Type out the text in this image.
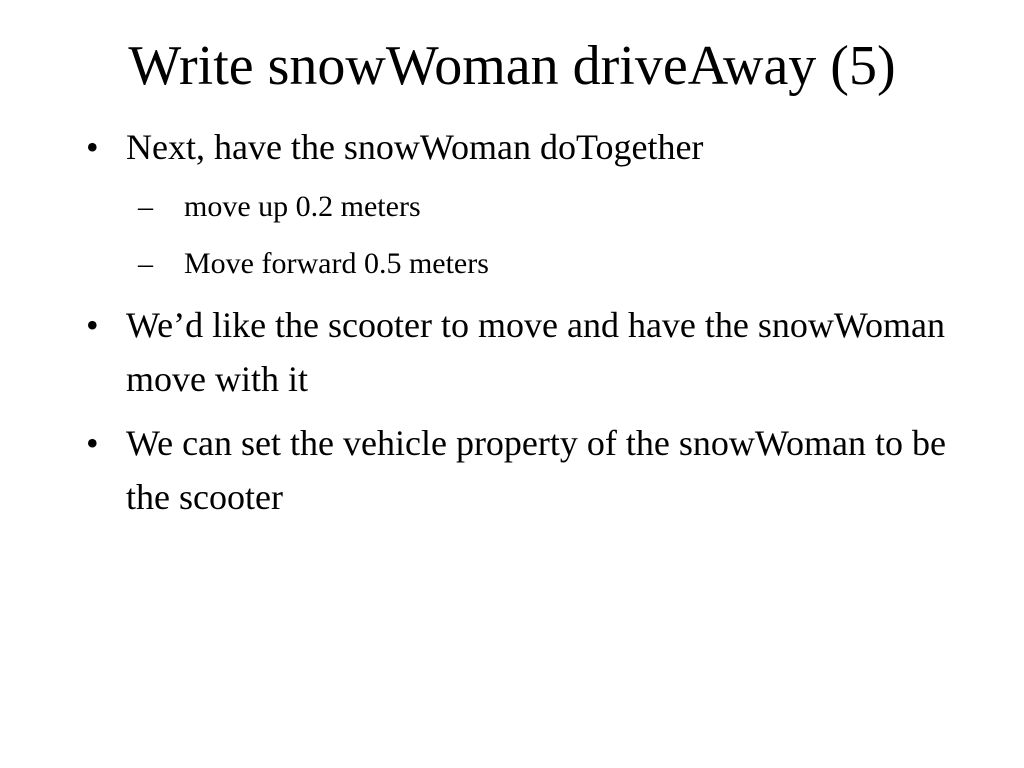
Write snowWoman driveAway (5)
• Next, have the snowWoman doTogether
– move up 0.2 meters
– Move forward 0.5 meters
• We’d like the scooter to move and have the snowWoman move with it
• We can set the vehicle property of the snowWoman to be the scooter
